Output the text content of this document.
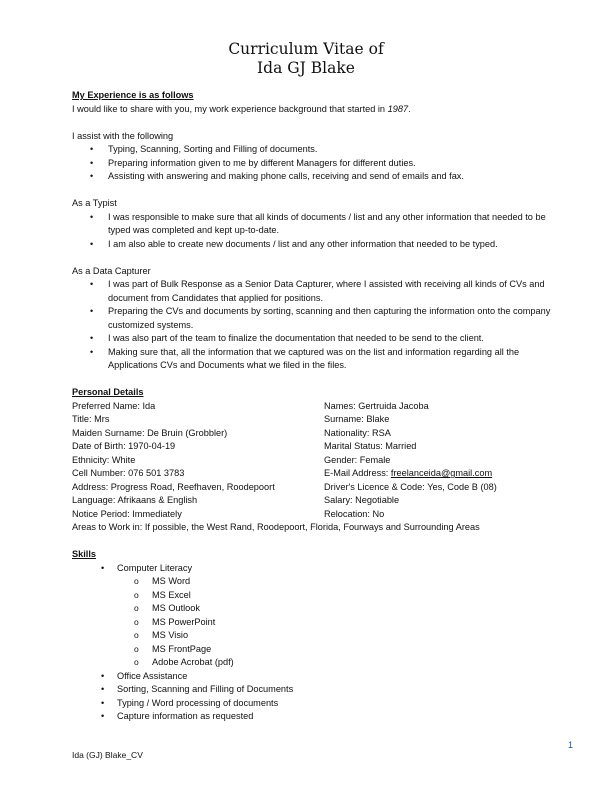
Curriculum Vitae of
Ida GJ Blake
My Experience is as follows
I would like to share with you, my work experience background that started in 1987.
I assist with the following
• Typing, Scanning, Sorting and Filling of documents.
• Preparing information given to me by different Managers for different duties.
• Assisting with answering and making phone calls, receiving and send of emails and fax.
As a Typist
• I was responsible to make sure that all kinds of documents / list and any other information that needed to be typed was completed and kept up-to-date.
• I am also able to create new documents / list and any other information that needed to be typed.
As a Data Capturer
• I was part of Bulk Response as a Senior Data Capturer, where I assisted with receiving all kinds of CVs and document from Candidates that applied for positions.
• Preparing the CVs and documents by sorting, scanning and then capturing the information onto the company customized systems.
• I was also part of the team to finalize the documentation that needed to be send to the client.
• Making sure that, all the information that we captured was on the list and information regarding all the Applications CVs and Documents what we filed in the files.
Personal Details
Preferred Name: Ida	Names: Gertruida Jacoba
Title: Mrs	Surname: Blake
Maiden Surname: De Bruin (Grobbler)	Nationality: RSA
Date of Birth: 1970-04-19	Marital Status: Married
Ethnicity: White	Gender: Female
Cell Number: 076 501 3783	E-Mail Address: freelanceida@gmail.com
Address: Progress Road, Reefhaven, Roodepoort	Driver's Licence & Code: Yes, Code B (08)
Language: Afrikaans & English	Salary: Negotiable
Notice Period: Immediately	Relocation: No
Areas to Work in: If possible, the West Rand, Roodepoort, Florida, Fourways and Surrounding Areas
Skills
• Computer Literacy
o MS Word
o MS Excel
o MS Outlook
o MS PowerPoint
o MS Visio
o MS FrontPage
o Adobe Acrobat (pdf)
• Office Assistance
• Sorting, Scanning and Filling of Documents
• Typing / Word processing of documents
• Capture information as requested
1
Ida (GJ) Blake_CV
